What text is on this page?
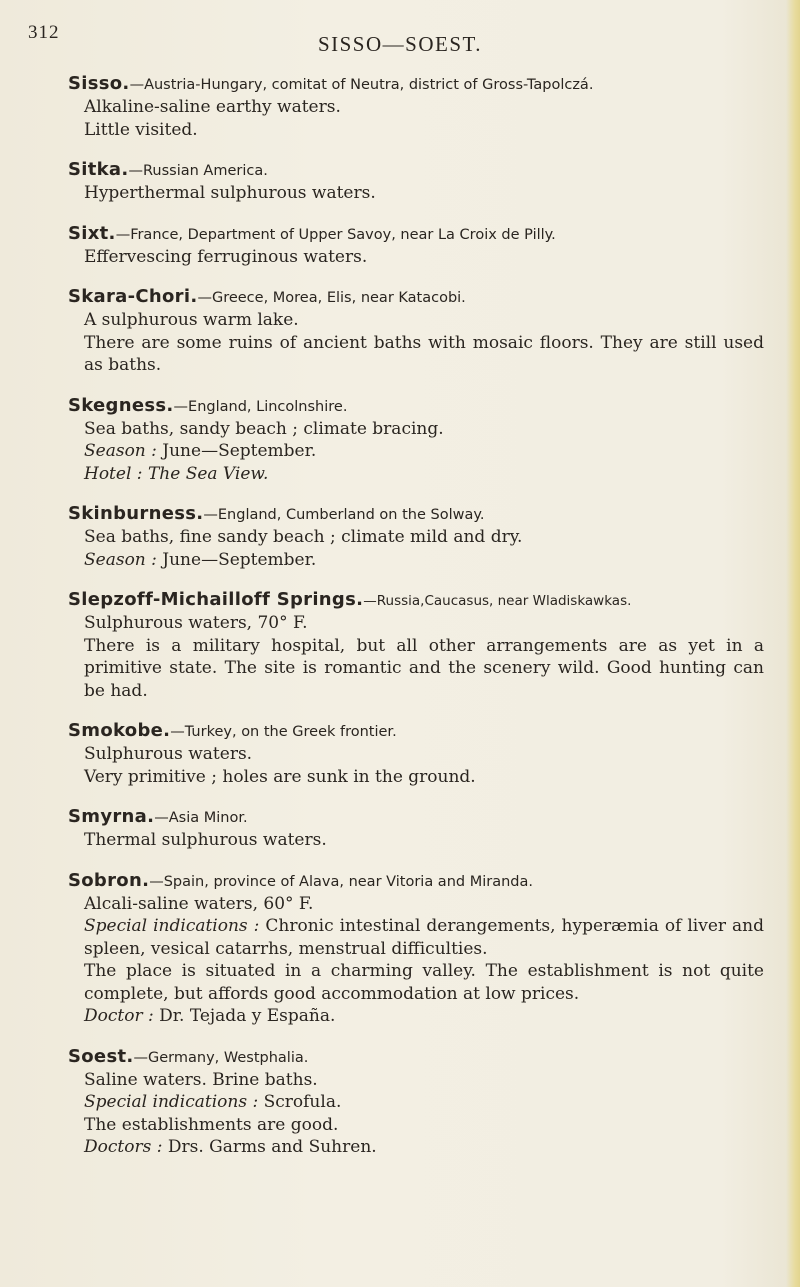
312	SISSO—SOEST.
Sisso.—Austria-Hungary, comitat of Neutra, district of Gross-Tapolczá.
Alkaline-saline earthy waters.
Little visited.
Sitka.—Russian America.
Hyperthermal sulphurous waters.
Sixt.—France, Department of Upper Savoy, near La Croix de Pilly.
Effervescing ferruginous waters.
Skara-Chori.—Greece, Morea, Elis, near Katacobi.
A sulphurous warm lake.
There are some ruins of ancient baths with mosaic floors. They are still used as baths.
Skegness.—England, Lincolnshire.
Sea baths, sandy beach ; climate bracing.
Season : June—September.
Hotel : The Sea View.
Skinburness.—England, Cumberland on the Solway.
Sea baths, fine sandy beach ; climate mild and dry.
Season : June—September.
Slepzoff-Michailloff Springs.—Russia,Caucasus, near Wladiskawkas.
Sulphurous waters, 70° F.
There is a military hospital, but all other arrangements are as yet in a primitive state. The site is romantic and the scenery wild. Good hunting can be had.
Smokobe.—Turkey, on the Greek frontier.
Sulphurous waters.
Very primitive ; holes are sunk in the ground.
Smyrna.—Asia Minor.
Thermal sulphurous waters.
Sobron.—Spain, province of Alava, near Vitoria and Miranda.
Alcali-saline waters, 60° F.
Special indications : Chronic intestinal derangements, hyperæmia of liver and spleen, vesical catarrhs, menstrual difficulties.
The place is situated in a charming valley. The establishment is not quite complete, but affords good accommodation at low prices.
Doctor : Dr. Tejada y España.
Soest.—Germany, Westphalia.
Saline waters. Brine baths.
Special indications : Scrofula.
The establishments are good.
Doctors : Drs. Garms and Suhren.
